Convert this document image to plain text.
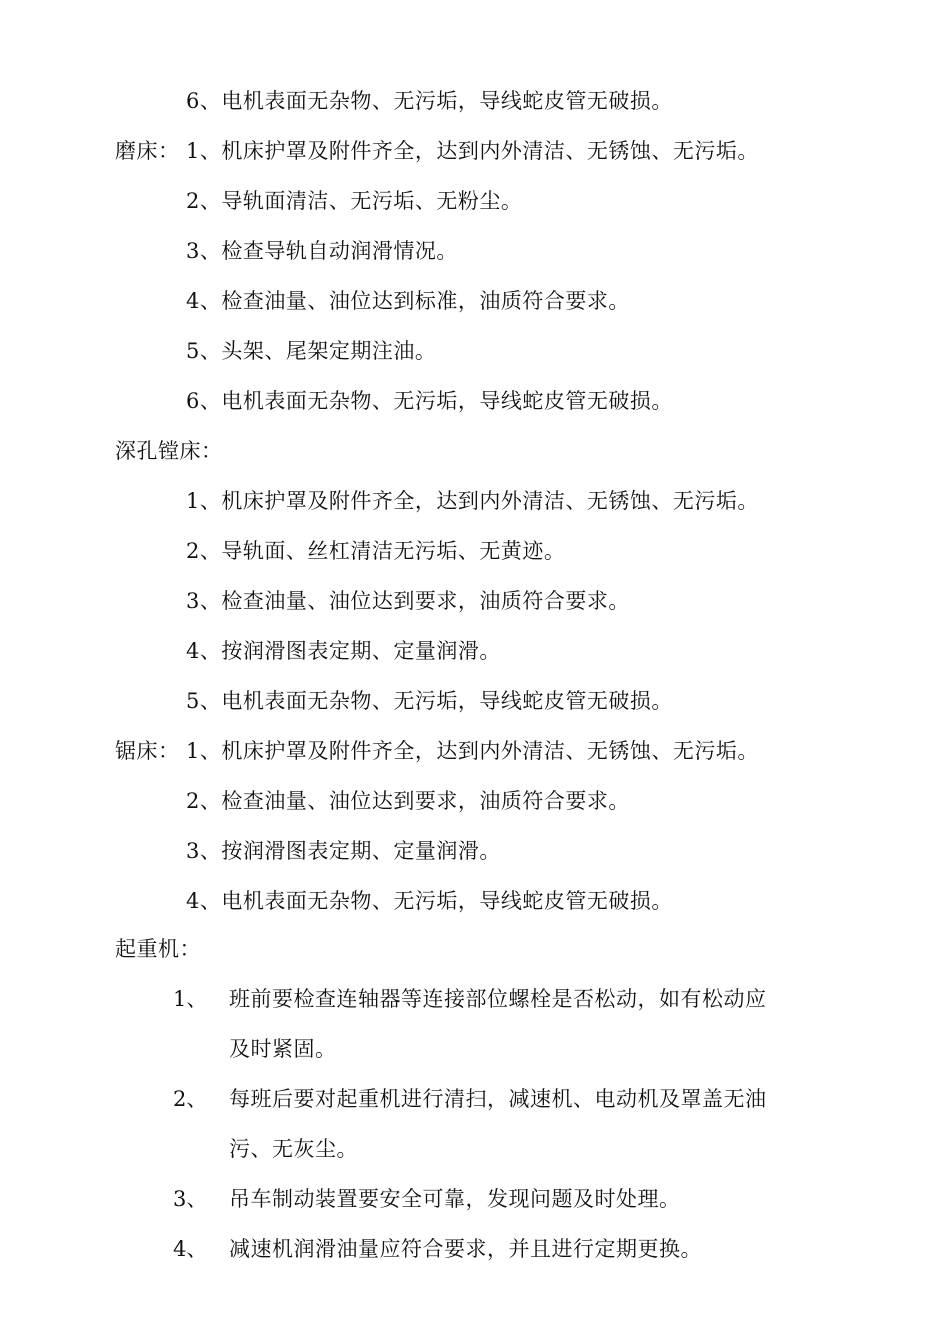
6、电机表面无杂物、无污垢，导线蛇皮管无破损。
磨床： 1、机床护罩及附件齐全，达到内外清洁、无锈蚀、无污垢。
2、导轨面清洁、无污垢、无粉尘。
3、检查导轨自动润滑情况。
4、检查油量、油位达到标准，油质符合要求。
5、头架、尾架定期注油。
6、电机表面无杂物、无污垢，导线蛇皮管无破损。
深孔镗床：
1、机床护罩及附件齐全，达到内外清洁、无锈蚀、无污垢。
2、导轨面、丝杠清洁无污垢、无黄迹。
3、检查油量、油位达到要求，油质符合要求。
4、按润滑图表定期、定量润滑。
5、电机表面无杂物、无污垢，导线蛇皮管无破损。
锯床： 1、机床护罩及附件齐全，达到内外清洁、无锈蚀、无污垢。
2、检查油量、油位达到要求，油质符合要求。
3、按润滑图表定期、定量润滑。
4、电机表面无杂物、无污垢，导线蛇皮管无破损。
起重机：
1、 班前要检查连轴器等连接部位螺栓是否松动，如有松动应
及时紧固。
2、 每班后要对起重机进行清扫，减速机、电动机及罩盖无油
污、无灰尘。
3、 吊车制动装置要安全可靠，发现问题及时处理。
4、 减速机润滑油量应符合要求，并且进行定期更换。
